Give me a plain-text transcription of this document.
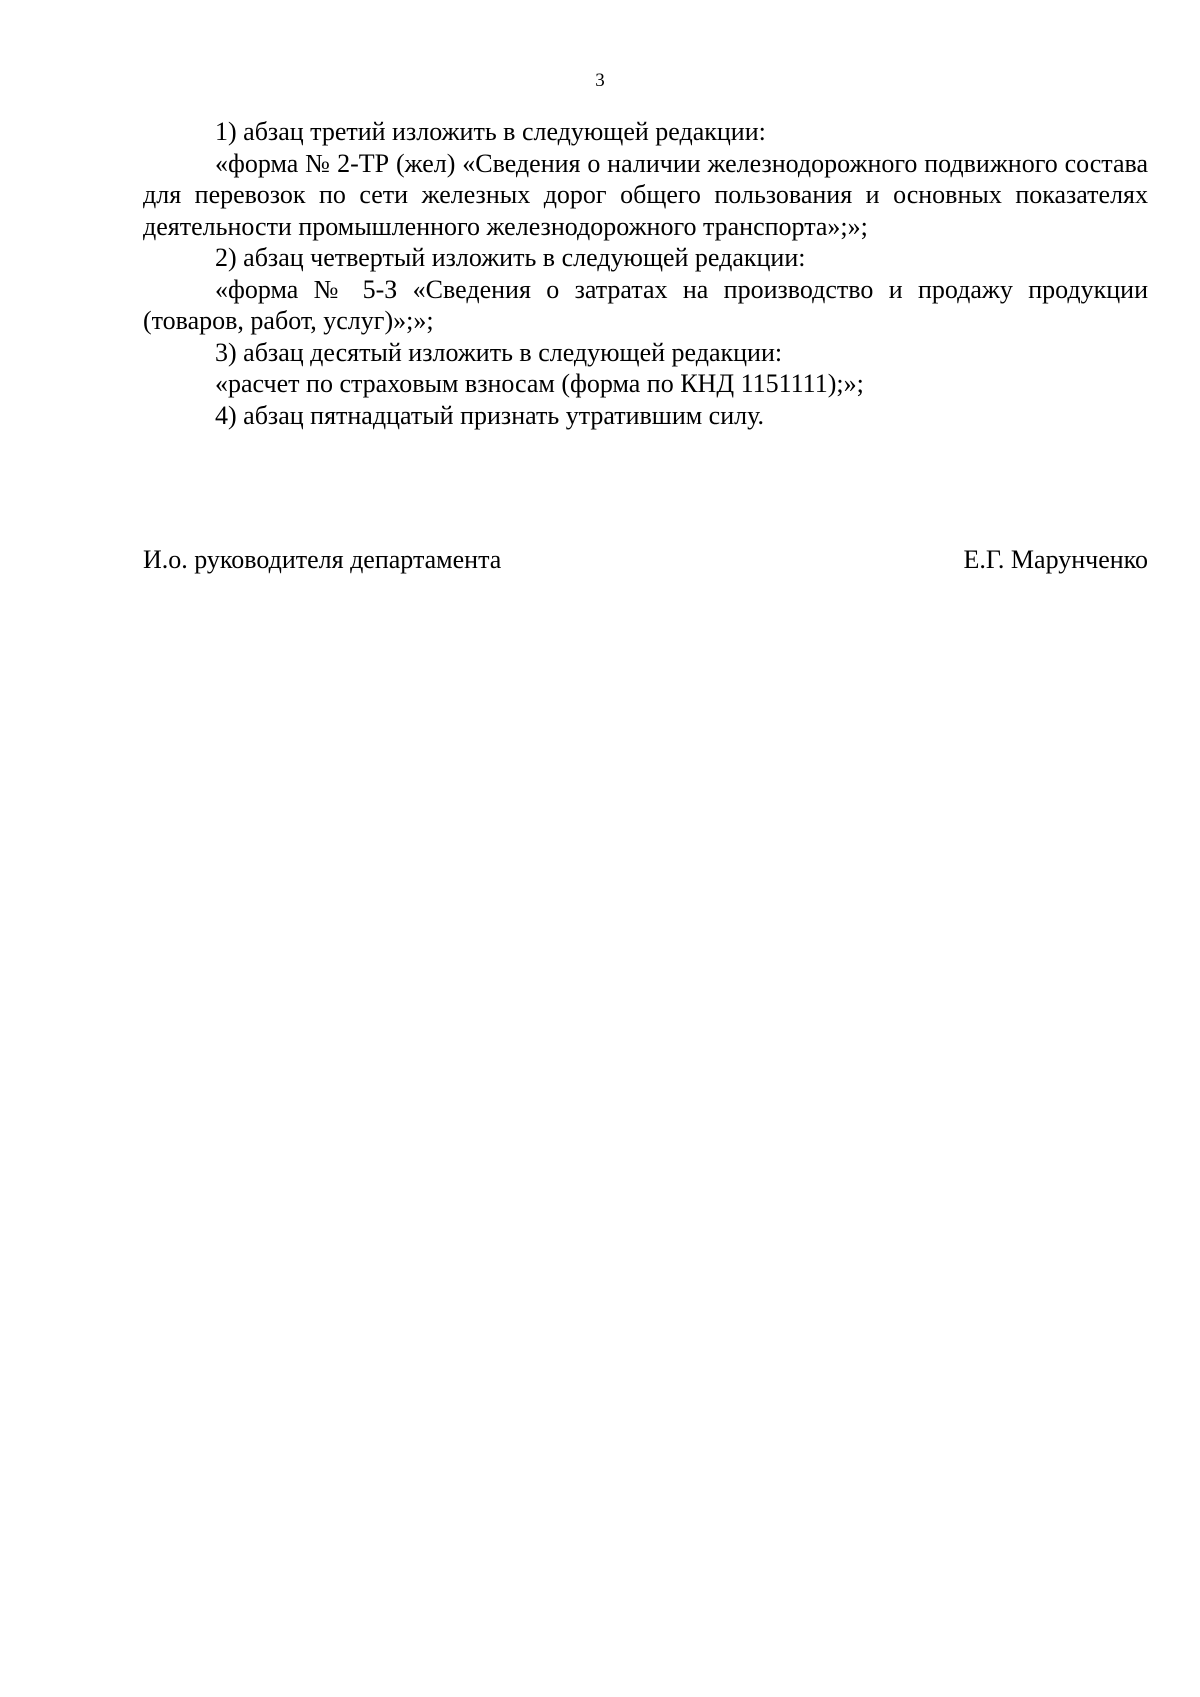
3

1) абзац третий изложить в следующей редакции:

«форма № 2-ТР (жел) «Сведения о наличии железнодорожного подвижного состава для перевозок по сети железных дорог общего пользования и основных показателях деятельности промышленного железнодорожного транспорта»;»;

2) абзац четвертый изложить в следующей редакции:

«форма № 5-З «Сведения о затратах на производство и продажу продукции (товаров, работ, услуг)»;»;

3) абзац десятый изложить в следующей редакции:

«расчет по страховым взносам (форма по КНД 1151111);»;

4) абзац пятнадцатый признать утратившим силу.

И.о. руководителя департамента	Е.Г. Марунченко
